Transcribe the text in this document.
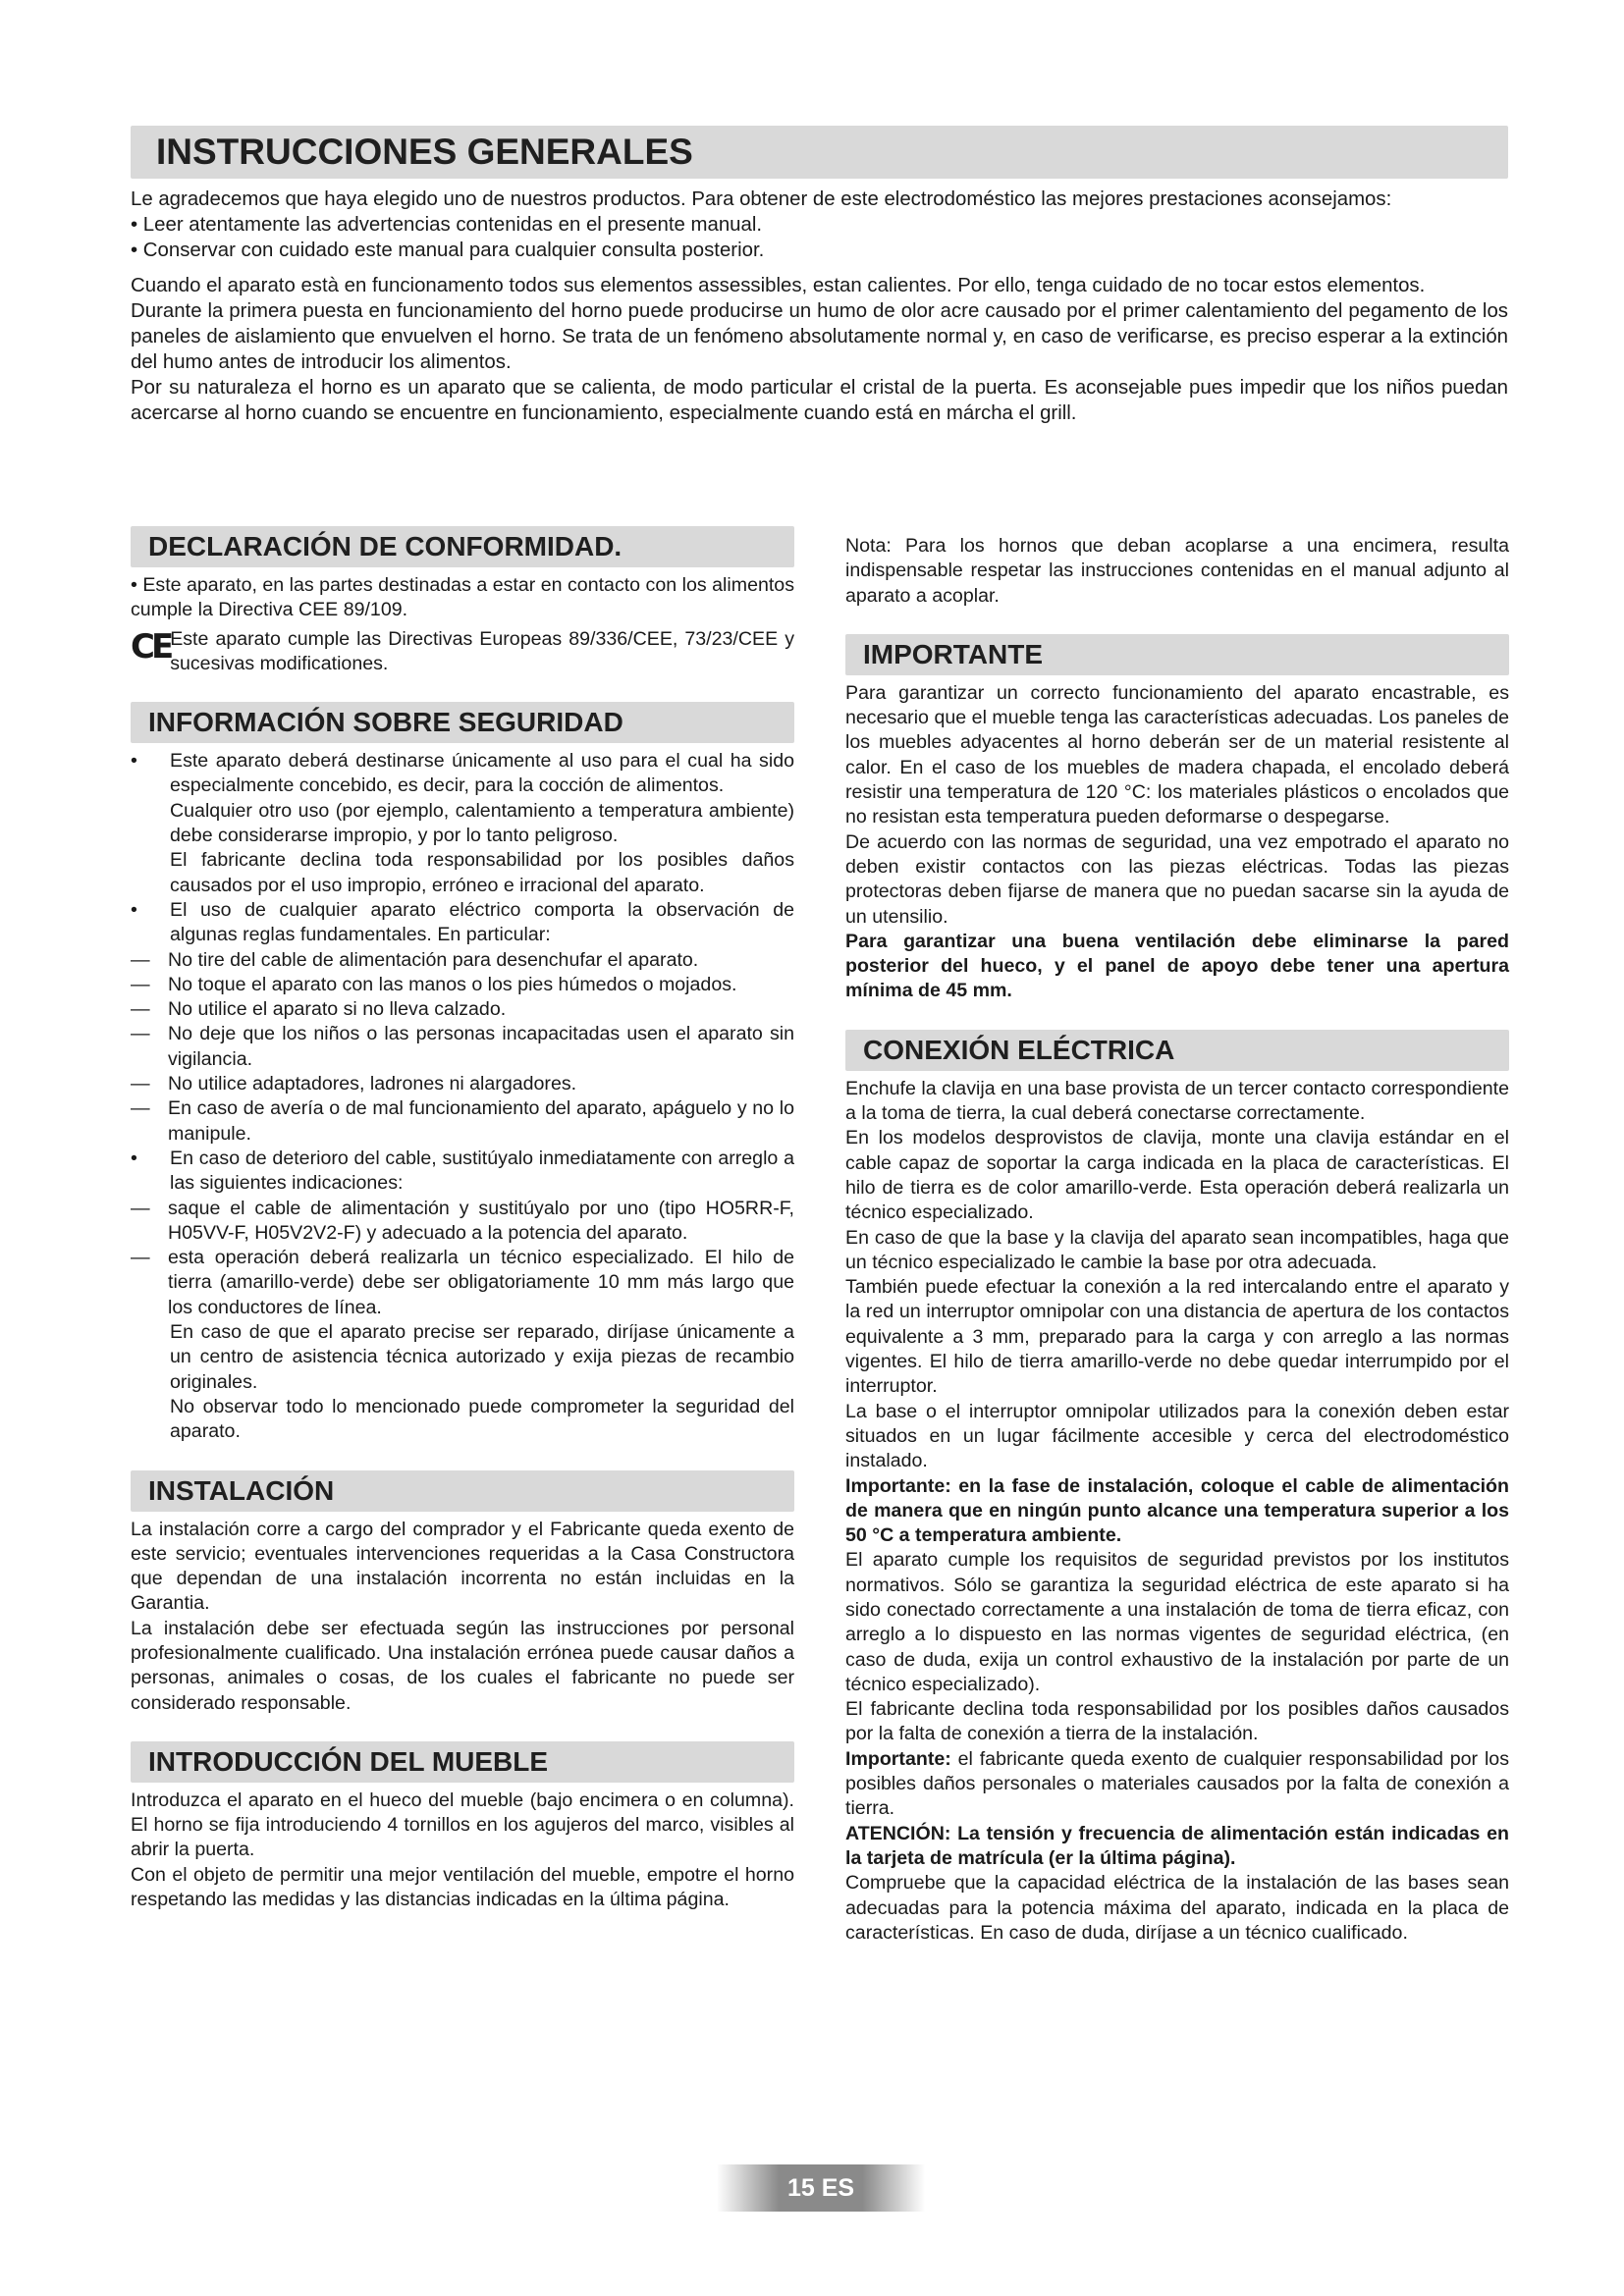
INSTRUCCIONES GENERALES

Le agradecemos que haya elegido uno de nuestros productos. Para obtener de este electrodoméstico las mejores prestaciones aconsejamos:

• Leer atentamente las advertencias contenidas en el presente manual.

• Conservar con cuidado este manual para cualquier consulta posterior.

Cuando el aparato està en funcionamento todos sus elementos assessibles, estan calientes. Por ello, tenga cuidado de no tocar estos elementos.

Durante la primera puesta en funcionamiento del horno puede producirse un humo de olor acre causado por el primer calentamiento del pegamento de los paneles de aislamiento que envuelven el horno. Se trata de un fenómeno absolutamente normal y, en caso de verificarse, es preciso esperar a la extinción del humo antes de introducir los alimentos.

Por su naturaleza el horno es un aparato que se calienta, de modo particular el cristal de la puerta. Es aconsejable pues impedir que los niños puedan acercarse al horno cuando se encuentre en funcionamiento, especialmente cuando está en márcha el grill.

DECLARACIÓN DE CONFORMIDAD.

• Este aparato, en las partes destinadas a estar en contacto con los alimentos cumple la Directiva CEE 89/109.

CE Este aparato cumple las Directivas Europeas 89/336/CEE, 73/23/CEE y sucesivas modificationes.

INFORMACIÓN SOBRE SEGURIDAD
•	Este aparato deberá destinarse únicamente al uso para el cual ha sido especialmente concebido, es decir, para la cocción de alimentos.

Cualquier otro uso (por ejemplo, calentamiento a temperatura ambiente) debe considerarse impropio, y por lo tanto peligroso.

El fabricante declina toda responsabilidad por los posibles daños causados por el uso impropio, erróneo e irracional del aparato.

•	El uso de cualquier aparato eléctrico comporta la observación de algunas reglas fundamentales. En particular:
— No tire del cable de alimentación para desenchufar el aparato.
— No toque el aparato con las manos o los pies húmedos o mojados.
— No utilice el aparato si no lleva calzado.
— No deje que los niños o las personas incapacitadas usen el aparato sin vigilancia.
— No utilice adaptadores, ladrones ni alargadores.
— En caso de avería o de mal funcionamiento del aparato, apáguelo y no lo manipule.
•	En caso de deterioro del cable, sustitúyalo inmediatamente con arreglo a las siguientes indicaciones:
— saque el cable de alimentación y sustitúyalo por uno (tipo HO5RR-F, H05VV-F, H05V2V2-F) y adecuado a la potencia del aparato.
— esta operación deberá realizarla un técnico especializado. El hilo de tierra (amarillo-verde) debe ser obligatoriamente 10 mm más largo que los conductores de línea.

En caso de que el aparato precise ser reparado, diríjase únicamente a un centro de asistencia técnica autorizado y exija piezas de recambio originales.

No observar todo lo mencionado puede comprometer la seguridad del aparato.

INSTALACIÓN

La instalación corre a cargo del comprador y el Fabricante queda exento de este servicio; eventuales intervenciones requeridas a la Casa Constructora que dependan de una instalación incorrenta no están incluidas en la Garantia.

La instalación debe ser efectuada según las instrucciones por personal profesionalmente cualificado. Una instalación errónea puede causar daños a personas, animales o cosas, de los cuales el fabricante no puede ser considerado responsable.

INTRODUCCIÓN DEL MUEBLE

Introduzca el aparato en el hueco del mueble (bajo encimera o en columna). El horno se fija introduciendo 4 tornillos en los agujeros del marco, visibles al abrir la puerta.

Con el objeto de permitir una mejor ventilación del mueble, empotre el horno respetando las medidas y las distancias indicadas en la última página.

Nota: Para los hornos que deban acoplarse a una encimera, resulta indispensable respetar las instrucciones contenidas en el manual adjunto al aparato a acoplar.

IMPORTANTE

Para garantizar un correcto funcionamiento del aparato encastrable, es necesario que el mueble tenga las características adecuadas. Los paneles de los muebles adyacentes al horno deberán ser de un material resistente al calor. En el caso de los muebles de madera chapada, el encolado deberá resistir una temperatura de 120 °C: los materiales plásticos o encolados que no resistan esta temperatura pueden deformarse o despegarse.

De acuerdo con las normas de seguridad, una vez empotrado el aparato no deben existir contactos con las piezas eléctricas. Todas las piezas protectoras deben fijarse de manera que no puedan sacarse sin la ayuda de un utensilio.

Para garantizar una buena ventilación debe eliminarse la pared posterior del hueco, y el panel de apoyo debe tener una apertura mínima de 45 mm.

CONEXIÓN ELÉCTRICA

Enchufe la clavija en una base provista de un tercer contacto correspondiente a la toma de tierra, la cual deberá conectarse correctamente.

En los modelos desprovistos de clavija, monte una clavija estándar en el cable capaz de soportar la carga indicada en la placa de características. El hilo de tierra es de color amarillo-verde. Esta operación deberá realizarla un técnico especializado.

En caso de que la base y la clavija del aparato sean incompatibles, haga que un técnico especializado le cambie la base por otra adecuada.

También puede efectuar la conexión a la red intercalando entre el aparato y la red un interruptor omnipolar con una distancia de apertura de los contactos equivalente a 3 mm, preparado para la carga y con arreglo a las normas vigentes. El hilo de tierra amarillo-verde no debe quedar interrumpido por el interruptor.

La base o el interruptor omnipolar utilizados para la conexión deben estar situados en un lugar fácilmente accesible y cerca del electrodoméstico instalado.

Importante: en la fase de instalación, coloque el cable de alimentación de manera que en ningún punto alcance una temperatura superior a los 50 °C a temperatura ambiente.

El aparato cumple los requisitos de seguridad previstos por los institutos normativos. Sólo se garantiza la seguridad eléctrica de este aparato si ha sido conectado correctamente a una instalación de toma de tierra eficaz, con arreglo a lo dispuesto en las normas vigentes de seguridad eléctrica, (en caso de duda, exija un control exhaustivo de la instalación por parte de un técnico especializado).

El fabricante declina toda responsabilidad por los posibles daños causados por la falta de conexión a tierra de la instalación.

Importante: el fabricante queda exento de cualquier responsabilidad por los posibles daños personales o materiales causados por la falta de conexión a tierra.

ATENCIÓN: La tensión y frecuencia de alimentación están indicadas en la tarjeta de matrícula (er la última página).

Compruebe que la capacidad eléctrica de la instalación de las bases sean adecuadas para la potencia máxima del aparato, indicada en la placa de características. En caso de duda, diríjase a un técnico cualificado.

15 ES
